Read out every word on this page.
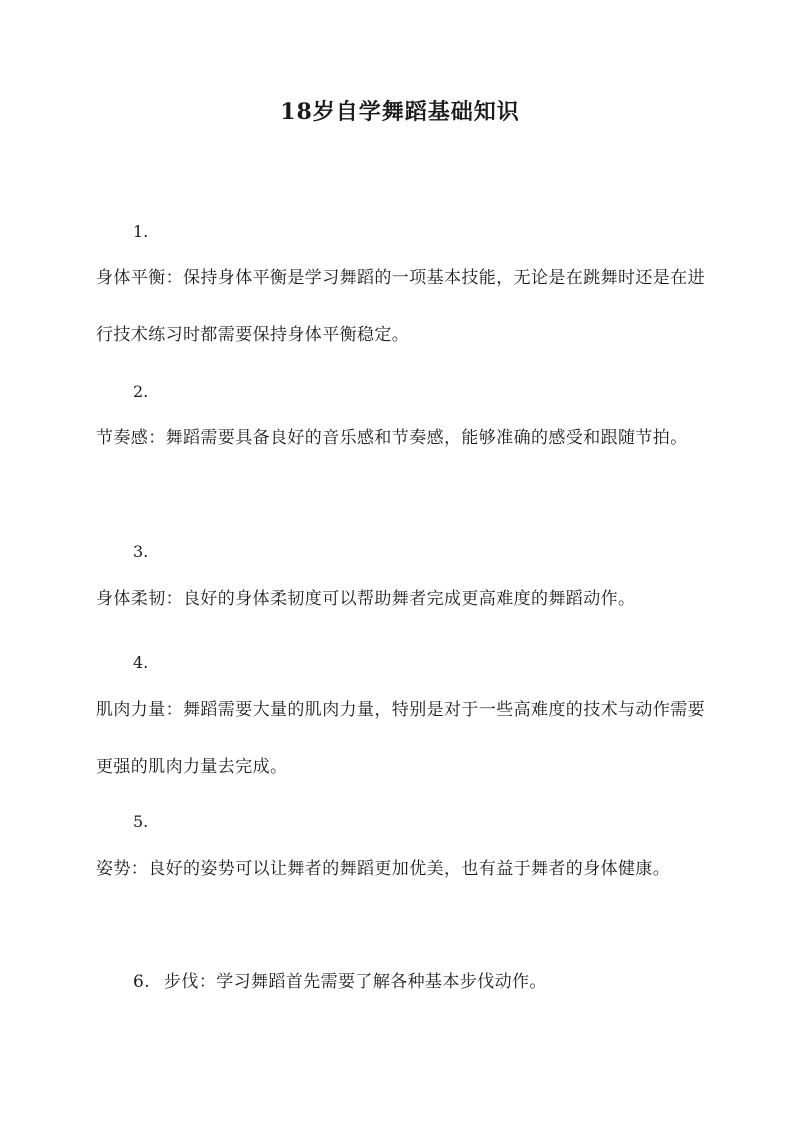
18岁自学舞蹈基础知识
1.
身体平衡：保持身体平衡是学习舞蹈的一项基本技能，无论是在跳舞时还是在进行技术练习时都需要保持身体平衡稳定。
2.
节奏感：舞蹈需要具备良好的音乐感和节奏感，能够准确的感受和跟随节拍。
3.
身体柔韧：良好的身体柔韧度可以帮助舞者完成更高难度的舞蹈动作。
4.
肌肉力量：舞蹈需要大量的肌肉力量，特别是对于一些高难度的技术与动作需要更强的肌肉力量去完成。
5.
姿势：良好的姿势可以让舞者的舞蹈更加优美，也有益于舞者的身体健康。
6. 步伐：学习舞蹈首先需要了解各种基本步伐动作。
